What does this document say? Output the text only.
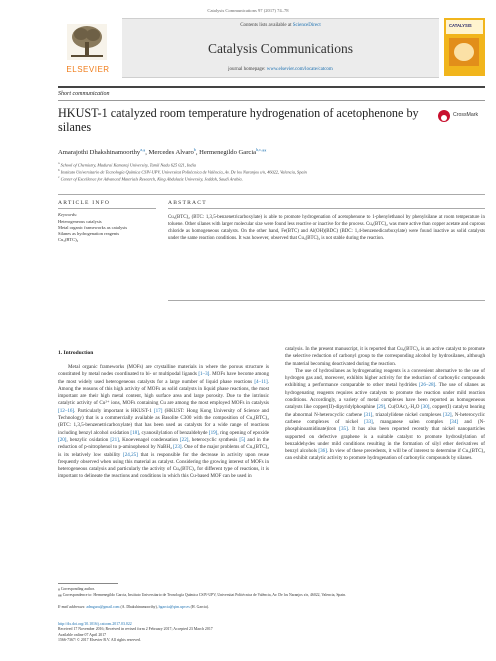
Catalysis Communications 97 (2017) 74–78
ELSEVIER
Contents lists available at ScienceDirect
Catalysis Communications
journal homepage: www.elsevier.com/locate/catcom
CATALYSIS
Short communication
HKUST-1 catalyzed room temperature hydrogenation of acetophenone by silanes
CrossMark
Amarajothi Dhakshinamoorthy$^{a,⁎}$, Mercedes Alvaro$^b$, Hermenegildo Garcia$^{b,c,⁎⁎}$
$^a$ School of Chemistry, Madurai Kamaraj University, Tamil Nadu 625 021, India
$^b$ Instituto Universitario de Tecnología Química CSIV-UPV, Universitat Politècnica de València, Av. De los Naranjos s/n, 46022, Valencia, Spain
$^c$ Center of Excellence for Advanced Materials Research, King Abdulaziz University, Jeddah, Saudi Arabia.
ARTICLE INFO	ABSTRACT
Keywords:
Heterogeneous catalysis
Metal organic frameworks as catalysts
Silanes as hydrogenation reagents
Cu₃(BTC)₂
Cu₃(BTC)₂ (BTC: 1,3,5-benzenetricarboxylate) is able to promote hydrogenation of acetophenone to 1-phenylethanol by phenylsilane at room temperature in toluene. Other silanes with larger molecular size were found less reactive or inactive for the process. Cu₃(BTC)₂ was more active than copper acetate and cuprous chloride as homogeneous catalysts. On the other hand, Fe(BTC) and Al(OH)(BDC) (BDC: 1,4-benzenedicarboxylate) were found inactive as solid catalysts under the same reaction conditions. It was however, observed that Cu₃(BTC)₂ is not stable during the reaction.
1. Introduction

Metal organic frameworks (MOFs) are crystalline materials in where the porous structure is constituted by metal nodes coordinated to bi- or multipodal ligands [1–3]. MOFs have become among the most widely used heterogeneous catalysts for a large number of liquid phase reactions [4–11]. Among the reasons of this high activity of MOFs as solid catalysts in liquid phase reactions, the most important are their high metal content, high surface area and large porosity. Due to the intrinsic catalytic activity of Cu²⁺ ions, MOFs containing Cu are among the most employed MOFs in catalysis [12–16]. Particularly important is HKUST-1 [17] (HKUST: Hong Kong University of Science and Technology) that is a commercially available as Basolite C300 with the composition of Cu₃(BTC)₂ (BTC: 1,3,5-benzenetricarboxylate) that has been used as catalysts for a wide range of reactions including benzyl alcohol oxidation [18], cyanosilylation of benzaldehyde [19], ring opening of epoxide [20], benzylic oxidation [21], Knoevenagel condensation [22], heterocyclic synthesis [5] and in the reduction of p-nitrophenol to p-aminophenol by NaBH₄ [23]. One of the major problems of Cu₃(BTC)₂ is its relatively low stability [24,25] that is responsible for the decrease in activity upon reuse frequently observed when using this material as catalyst. Considering the growing interest of MOFs in heterogeneous catalysis and particularly the activity of Cu₃(BTC)₂ for different type of reactions, it is important to delineate the reactions and conditions in which this Cu-based MOF can be used in

catalysis. In the present manuscript, it is reported that Cu₃(BTC)₂ is an active catalyst to promote the selective reduction of carbonyl group to the corresponding alcohol by hydrosilanes, although the material becoming deactivated during the reaction.

The use of hydrosilanes as hydrogenating reagents is a convenient alternative to the use of hydrogen gas and, moreover, exhibits higher activity for the reduction of carbonylic compounds exhibiting a performance comparable to other metal hydrides [26–28]. The use of silanes as hydrogenating reagents requires active catalysts to promote the reaction under mild reaction conditions. Accordingly, a variety of metal complexes have been reported as homogeneous catalysts like copper(II)-dipyridylphosphine [29], Cu(OAc)₂·H₂O [30], copper(I) catalyst bearing the abnormal N-heterocyclic carbene [31], triazolylidene nickel complexes [32], N-heterocyclic carbene complexes of nickel [33], manganese salen complex [34] and (N-phosphinoamidinate)iron [35]. It has also been reported recently that nickel nanoparticles supported on defective graphene is a suitable catalyst to promote hydrosilylation of benzaldehydes under mild conditions resulting in the formation of silyl ether derivatives of benzyl alcohols [36]. In view of these precedents, it will be of interest to determine if Cu₃(BTC)₂ can exhibit catalytic activity to promote hydrogenation of carbonylic compounds by silanes.

⁎ Corresponding author.
⁎⁎ Correspondence to: Hermenegildo Garcia, Instituto Universitario de Tecnología Química CSIV-UPV, Universitat Politècnica de València, Av. De los Naranjos s/n, 46022, Valencia, Spain.
E-mail addresses: admguru@gmail.com (A. Dhakshinamoorthy), hgarcia@qim.upv.es (H. Garcia).
http://dx.doi.org/10.1016/j.catcom.2017.03.022
Received 17 November 2016; Received in revised form 2 February 2017; Accepted 23 March 2017
Available online 07 April 2017
1566-7367/ © 2017 Elsevier B.V. All rights reserved.
